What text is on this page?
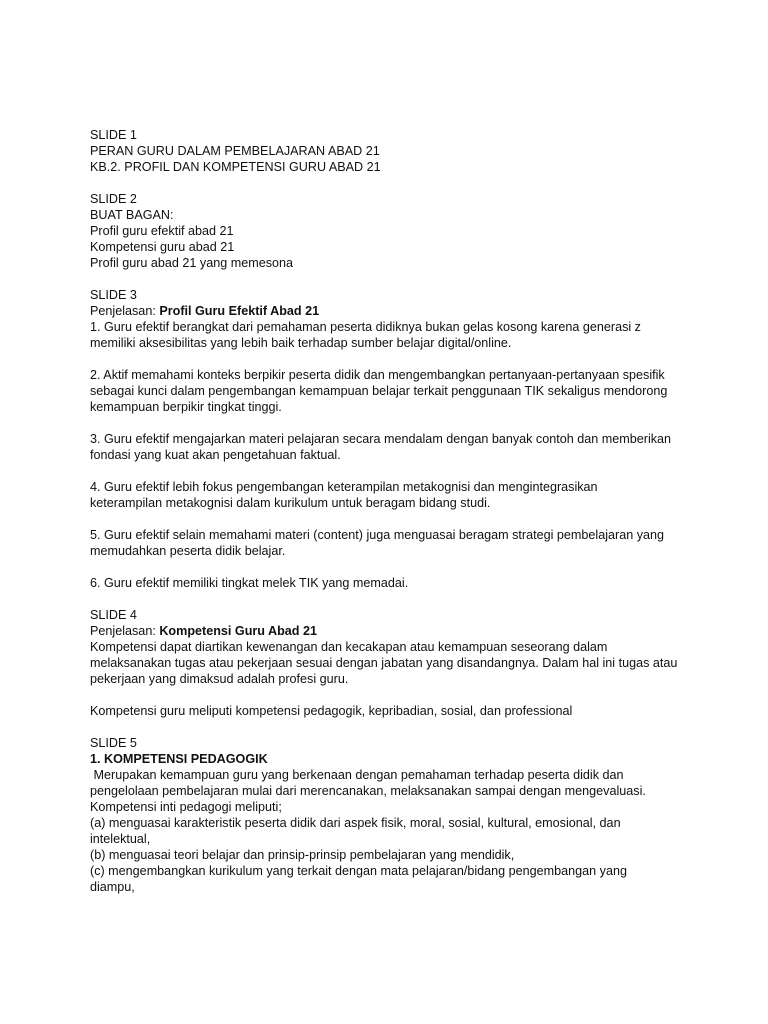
SLIDE 1

PERAN GURU DALAM PEMBELAJARAN ABAD 21

KB.2. PROFIL DAN KOMPETENSI GURU ABAD 21

SLIDE 2

BUAT BAGAN:

Profil guru efektif abad 21

Kompetensi guru abad 21

Profil guru abad 21 yang memesona

SLIDE 3

Penjelasan: Profil Guru Efektif Abad 21

1. Guru efektif berangkat dari pemahaman peserta didiknya bukan gelas kosong karena generasi z

memiliki aksesibilitas yang lebih baik terhadap sumber belajar digital/online.

2. Aktif memahami konteks berpikir peserta didik dan mengembangkan pertanyaan-pertanyaan spesifik

sebagai kunci dalam pengembangan kemampuan belajar terkait penggunaan TIK sekaligus mendorong

kemampuan berpikir tingkat tinggi.

3. Guru efektif mengajarkan materi pelajaran secara mendalam dengan banyak contoh dan memberikan

fondasi yang kuat akan pengetahuan faktual.

4. Guru efektif lebih fokus pengembangan keterampilan metakognisi dan mengintegrasikan

keterampilan metakognisi dalam kurikulum untuk beragam bidang studi.

5. Guru efektif selain memahami materi (content) juga menguasai beragam strategi pembelajaran yang

memudahkan peserta didik belajar.

6. Guru efektif memiliki tingkat melek TIK yang memadai.

SLIDE 4

Penjelasan: Kompetensi Guru Abad 21

Kompetensi dapat diartikan kewenangan dan kecakapan atau kemampuan seseorang dalam

melaksanakan tugas atau pekerjaan sesuai dengan jabatan yang disandangnya. Dalam hal ini tugas atau

pekerjaan yang dimaksud adalah profesi guru.

Kompetensi guru meliputi kompetensi pedagogik, kepribadian, sosial, dan professional

SLIDE 5

1. KOMPETENSI PEDAGOGIK

Merupakan kemampuan guru yang berkenaan dengan pemahaman terhadap peserta didik dan

pengelolaan pembelajaran mulai dari merencanakan, melaksanakan sampai dengan mengevaluasi.

Kompetensi inti pedagogi meliputi;

(a) menguasai karakteristik peserta didik dari aspek fisik, moral, sosial, kultural, emosional, dan

intelektual,

(b) menguasai teori belajar dan prinsip-prinsip pembelajaran yang mendidik,

(c) mengembangkan kurikulum yang terkait dengan mata pelajaran/bidang pengembangan yang

diampu,
